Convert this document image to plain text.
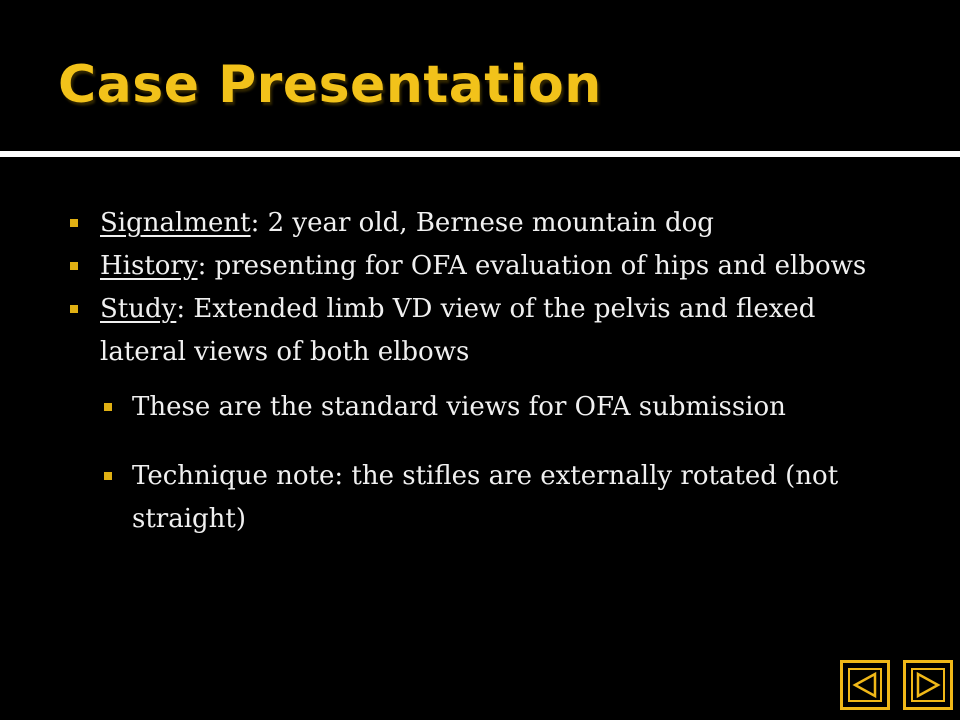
Case Presentation

Signalment: 2 year old, Bernese mountain dog

History: presenting for OFA evaluation of hips and elbows

Study: Extended limb VD view of the pelvis and flexed lateral views of both elbows

These are the standard views for OFA submission

Technique note: the stifles are externally rotated (not straight)
